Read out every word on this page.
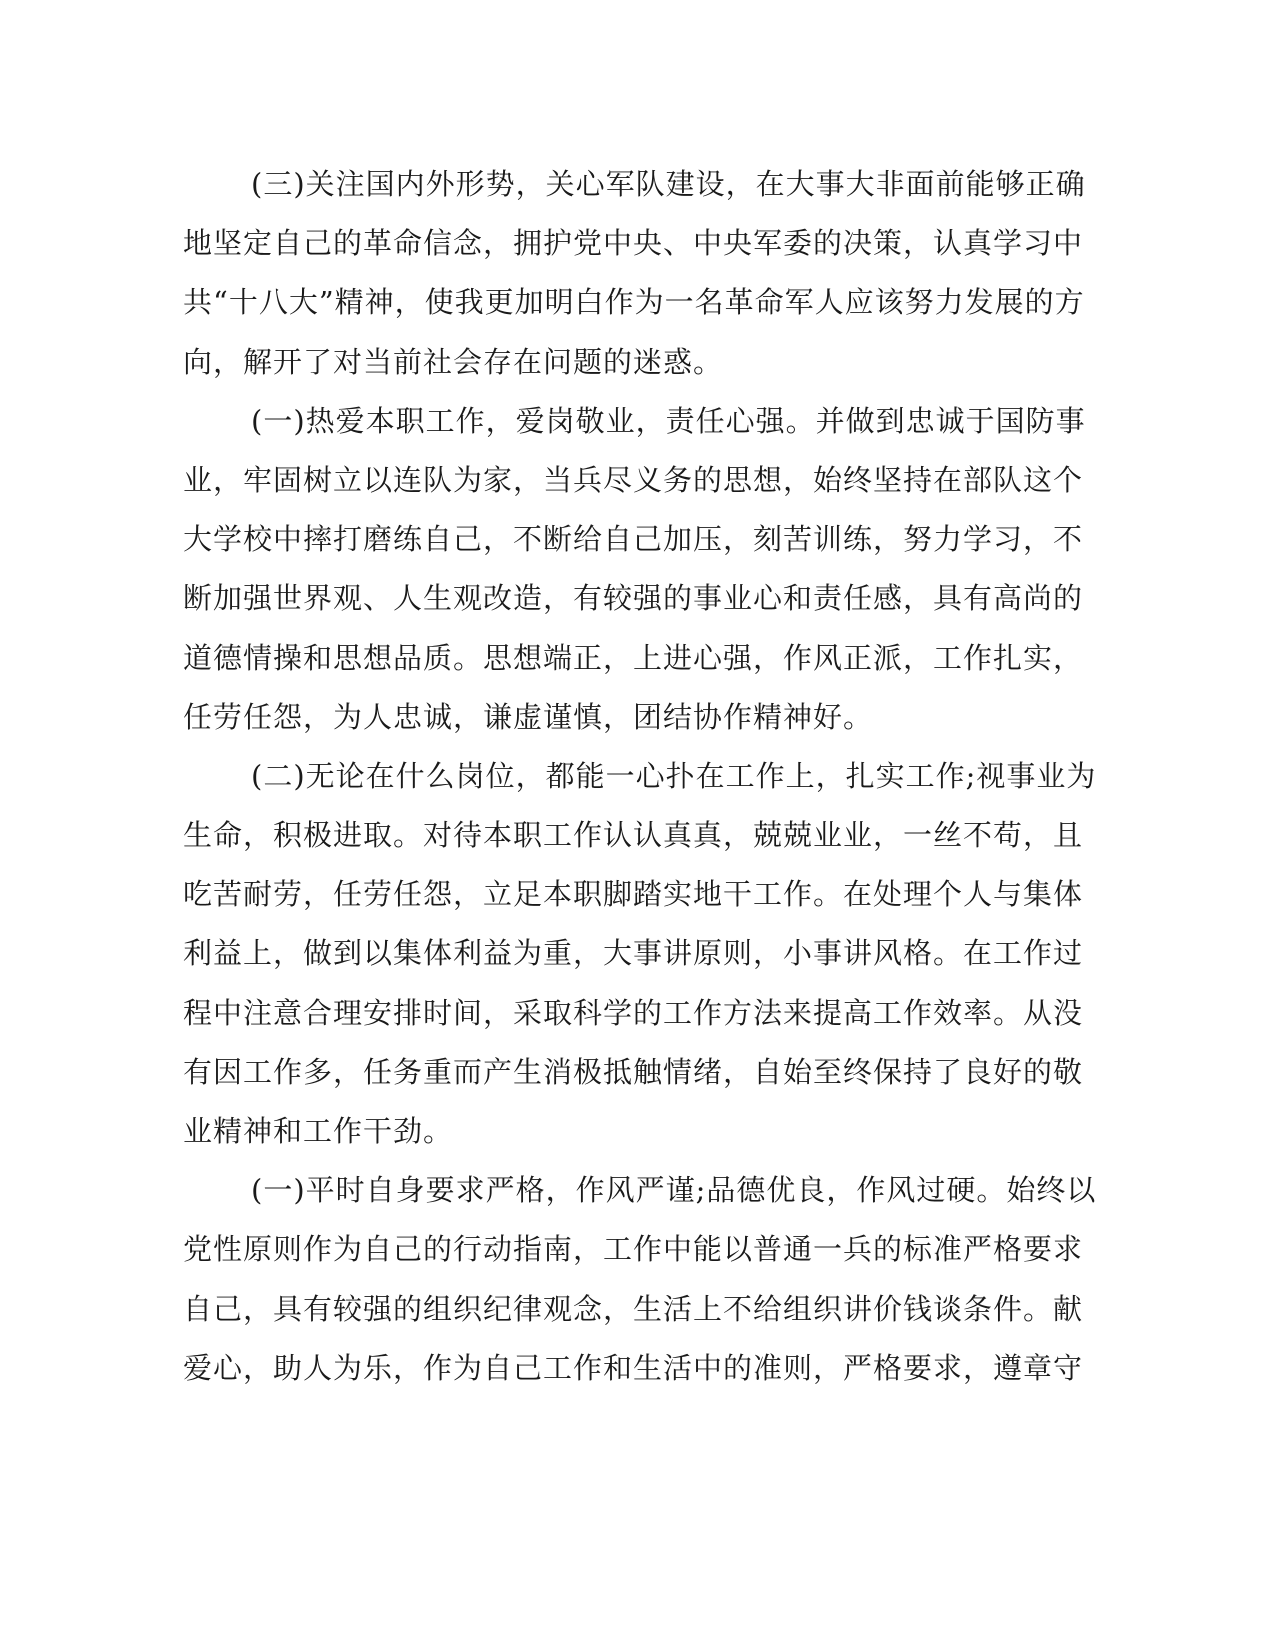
(三)关注国内外形势，关心军队建设，在大事大非面前能够正确
地坚定自己的革命信念，拥护党中央、中央军委的决策，认真学习中
共“十八大”精神，使我更加明白作为一名革命军人应该努力发展的方
向，解开了对当前社会存在问题的迷惑。
(一)热爱本职工作，爱岗敬业，责任心强。并做到忠诚于国防事
业，牢固树立以连队为家，当兵尽义务的思想，始终坚持在部队这个
大学校中摔打磨练自己，不断给自己加压，刻苦训练，努力学习，不
断加强世界观、人生观改造，有较强的事业心和责任感，具有高尚的
道德情操和思想品质。思想端正，上进心强，作风正派，工作扎实，
任劳任怨，为人忠诚，谦虚谨慎，团结协作精神好。
(二)无论在什么岗位，都能一心扑在工作上，扎实工作;视事业为
生命，积极进取。对待本职工作认认真真，兢兢业业，一丝不苟，且
吃苦耐劳，任劳任怨，立足本职脚踏实地干工作。在处理个人与集体
利益上，做到以集体利益为重，大事讲原则，小事讲风格。在工作过
程中注意合理安排时间，采取科学的工作方法来提高工作效率。从没
有因工作多，任务重而产生消极抵触情绪，自始至终保持了良好的敬
业精神和工作干劲。
(一)平时自身要求严格，作风严谨;品德优良，作风过硬。始终以
党性原则作为自己的行动指南，工作中能以普通一兵的标准严格要求
自己，具有较强的组织纪律观念，生活上不给组织讲价钱谈条件。献
爱心，助人为乐，作为自己工作和生活中的准则，严格要求，遵章守
